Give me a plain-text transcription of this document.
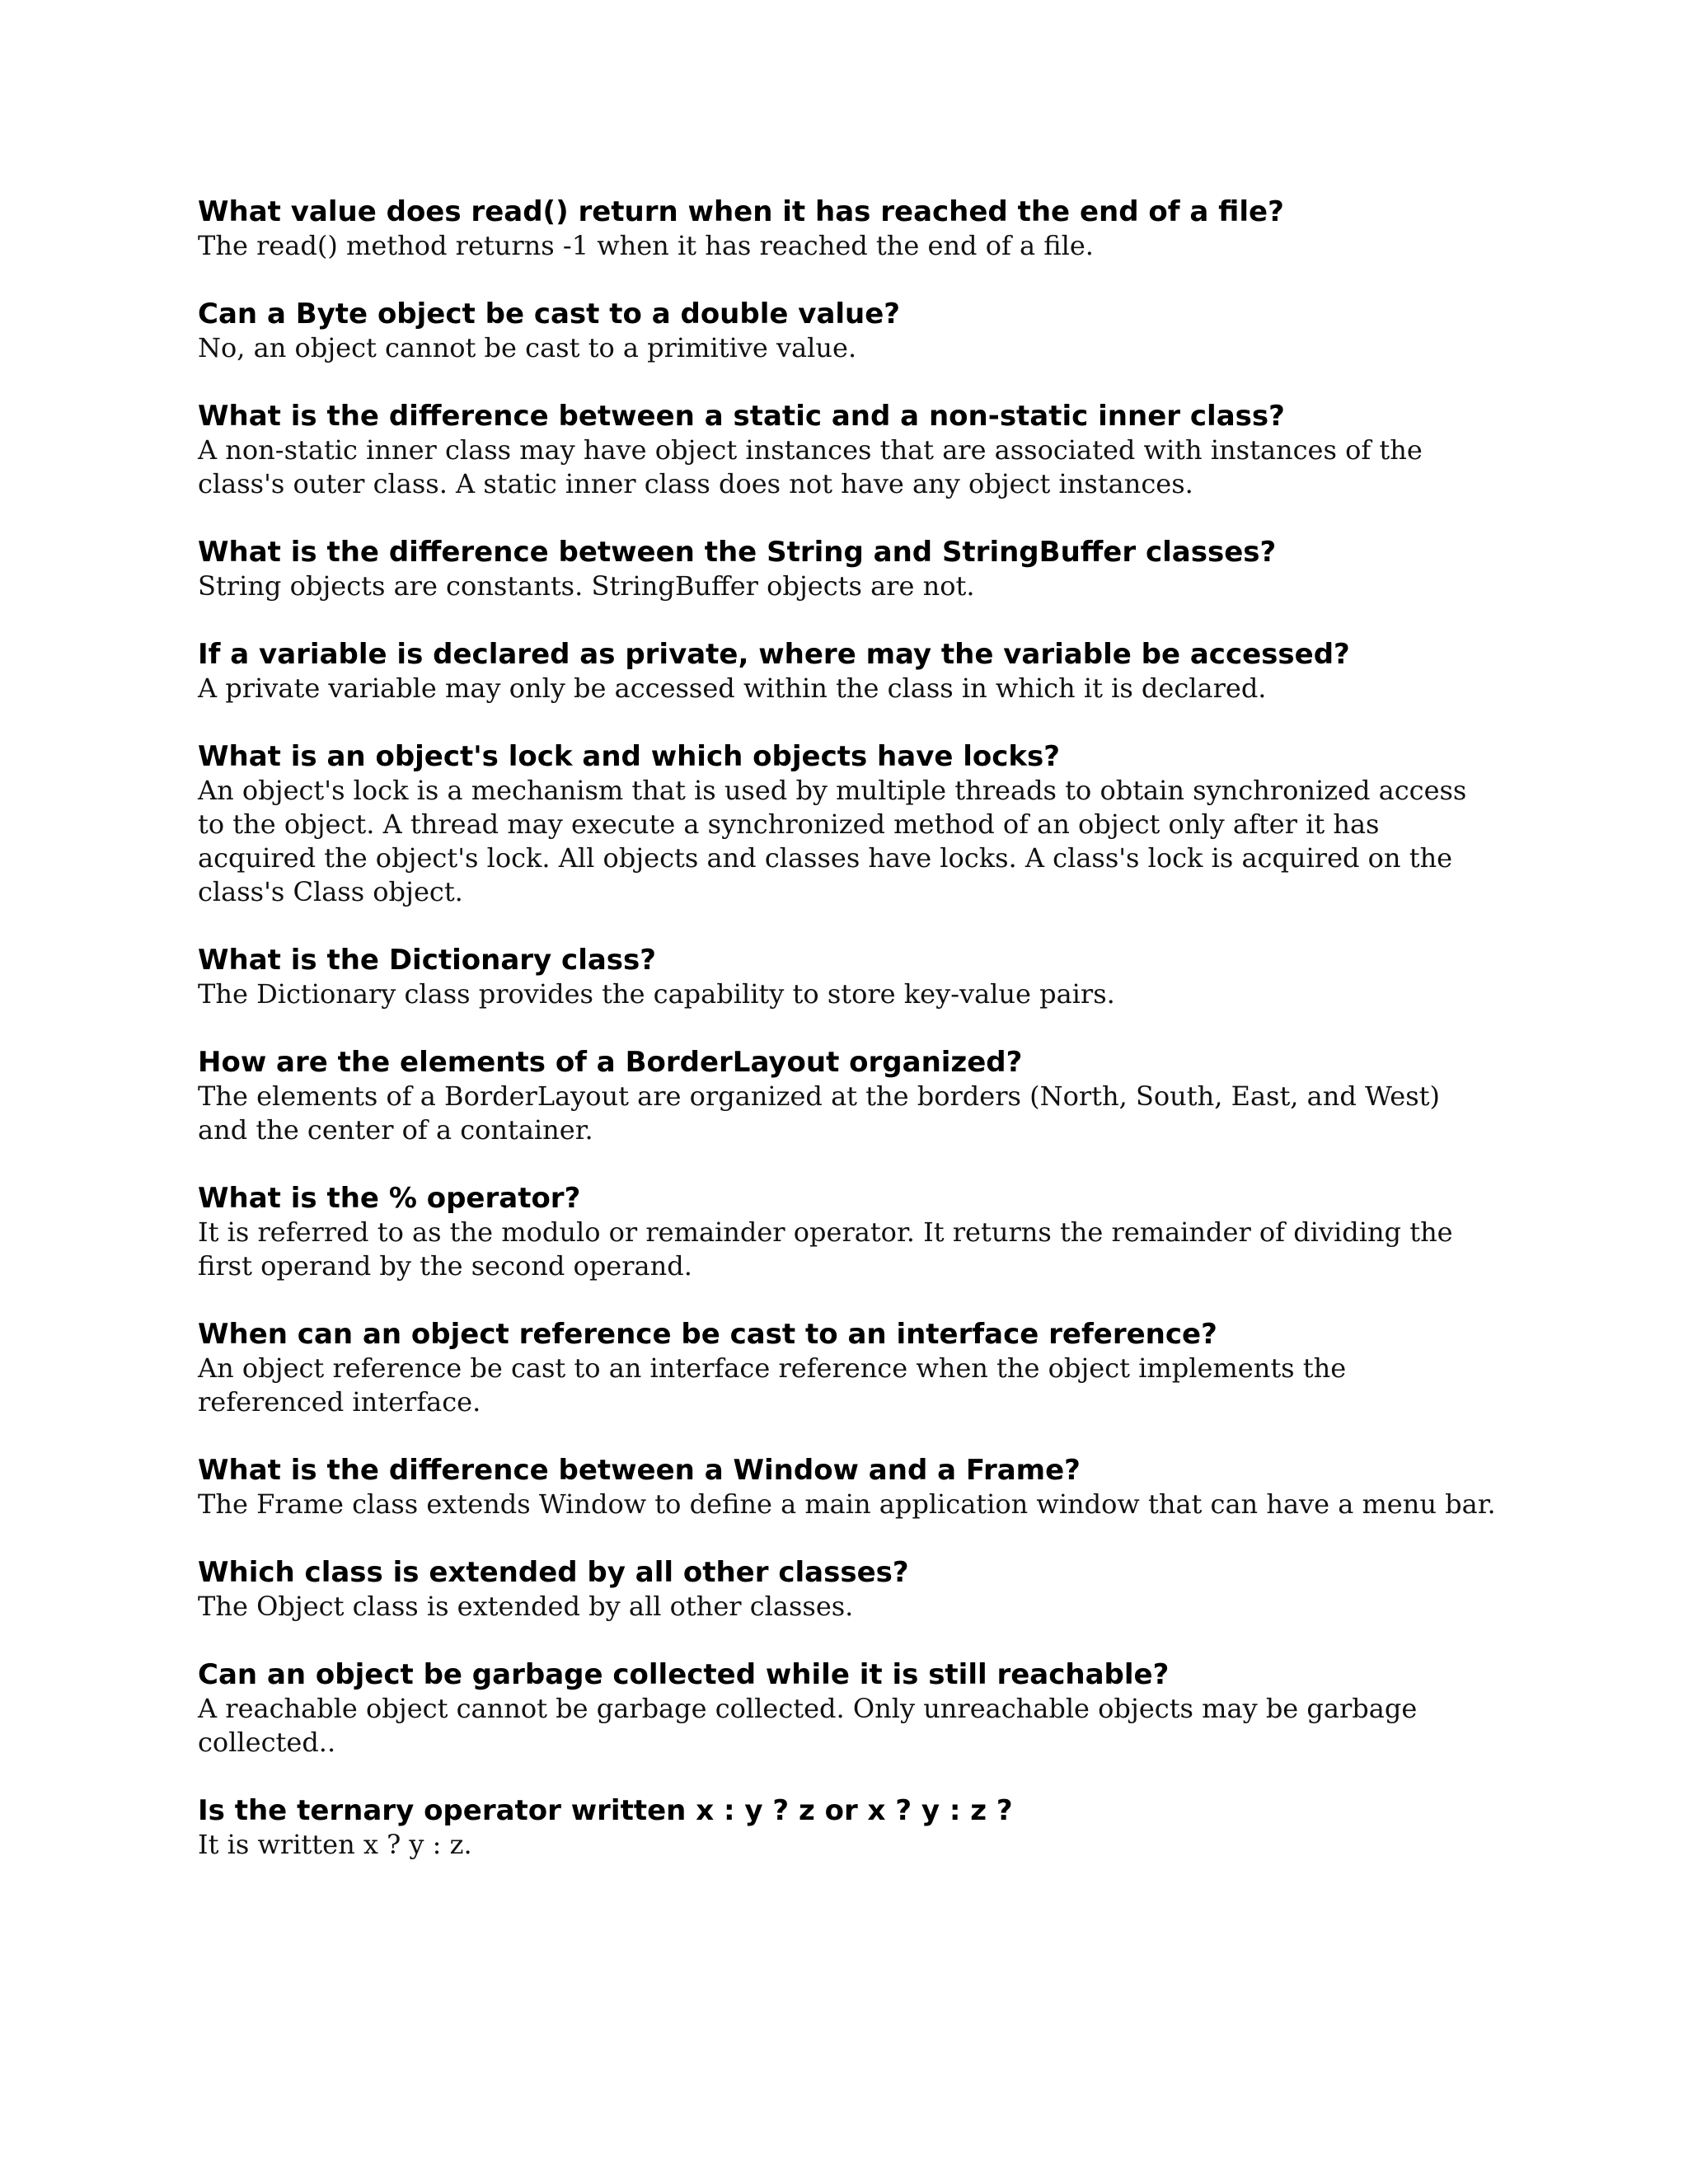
What value does read() return when it has reached the end of a file?

The read() method returns -1 when it has reached the end of a file.

Can a Byte object be cast to a double value?

No, an object cannot be cast to a primitive value.

What is the difference between a static and a non-static inner class?

A non-static inner class may have object instances that are associated with instances of the class's outer class. A static inner class does not have any object instances.

What is the difference between the String and StringBuffer classes?

String objects are constants. StringBuffer objects are not.

If a variable is declared as private, where may the variable be accessed?

A private variable may only be accessed within the class in which it is declared.

What is an object's lock and which objects have locks?

An object's lock is a mechanism that is used by multiple threads to obtain synchronized access to the object. A thread may execute a synchronized method of an object only after it has acquired the object's lock. All objects and classes have locks. A class's lock is acquired on the class's Class object.

What is the Dictionary class?

The Dictionary class provides the capability to store key-value pairs.

How are the elements of a BorderLayout organized?

The elements of a BorderLayout are organized at the borders (North, South, East, and West) and the center of a container.

What is the % operator?

It is referred to as the modulo or remainder operator. It returns the remainder of dividing the first operand by the second operand.

When can an object reference be cast to an interface reference?

An object reference be cast to an interface reference when the object implements the referenced interface.

What is the difference between a Window and a Frame?

The Frame class extends Window to define a main application window that can have a menu bar.

Which class is extended by all other classes?

The Object class is extended by all other classes.

Can an object be garbage collected while it is still reachable?

A reachable object cannot be garbage collected. Only unreachable objects may be garbage collected..

Is the ternary operator written x : y ? z or x ? y : z ?

It is written x ? y : z.
